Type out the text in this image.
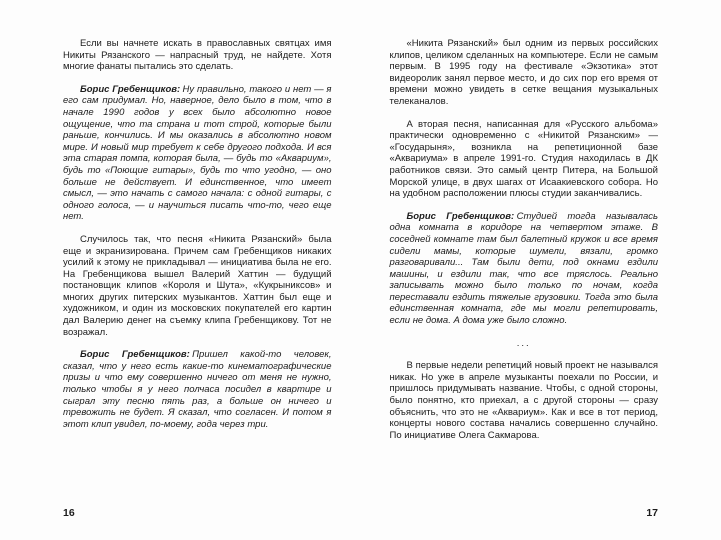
Если вы начнете искать в православных святцах имя Никиты Рязанского — напрасный труд, не найдете. Хотя многие фанаты пытались это сделать.

Борис Гребенщиков: Ну правильно, такого и нет — я его сам придумал. Но, наверное, дело было в том, что в начале 1990 годов у всех было абсолютно новое ощущение, что та страна и тот строй, которые были раньше, кончились. И мы оказались в абсолютно новом мире. И новый мир требует к себе другого подхода. И вся эта старая помпа, которая была, — будь то «Аквариум», будь то «Поющие гитары», будь то что угодно, — оно больше не действует. И единственное, что имеет смысл, — это начать с самого начала: с одной гитары, с одного голоса, — и научиться писать что-то, чего еще нет.

Случилось так, что песня «Никита Рязанский» была еще и экранизирована. Причем сам Гребенщиков никаких усилий к этому не прикладывал — инициатива была не его. На Гребенщикова вышел Валерий Хаттин — будущий постановщик клипов «Короля и Шута», «Кукрыниксов» и многих других питерских музыкантов. Хаттин был еще и художником, и один из московских покупателей его картин дал Валерию денег на съемку клипа Гребенщикову. Тот не возражал.

Борис Гребенщиков: Пришел какой-то человек, сказал, что у него есть какие-то кинематографические призы и что ему совершенно ничего от меня не нужно, только чтобы я у него полчаса посидел в квартире и сыграл эту песню пять раз, а больше он ничего и тревожить не будет. Я сказал, что согласен. И потом я этот клип увидел, по-моему, года через три.

«Никита Рязанский» был одним из первых российских клипов, целиком сделанных на компьютере. Если не самым первым. В 1995 году на фестивале «Экзотика» этот видеоролик занял первое место, и до сих пор его время от времени можно увидеть в сетке вещания музыкальных телеканалов.

А вторая песня, написанная для «Русского альбома» практически одновременно с «Никитой Рязанским» — «Государыня», возникла на репетиционной базе «Аквариума» в апреле 1991-го. Студия находилась в ДК работников связи. Это самый центр Питера, на Большой Морской улице, в двух шагах от Исаакиевского собора. Но на удобном расположении плюсы студии заканчивались.

Борис Гребенщиков: Студией тогда называлась одна комната в коридоре на четвертом этаже. В соседней комнате там был балетный кружок и все время сидели мамы, которые шумели, вязали, громко разговаривали... Там были дети, под окнами ездили машины, и ездили так, что все тряслось. Реально записывать можно было только по ночам, когда переставали ездить тяжелые грузовики. Тогда это была единственная комната, где мы могли репетировать, если не дома. А дома уже было сложно.

...

В первые недели репетиций новый проект не назывался никак. Но уже в апреле музыканты поехали по России, и пришлось придумывать название. Чтобы, с одной стороны, было понятно, кто приехал, а с другой стороны — сразу объяснить, что это не «Аквариум». Как и все в тот период, концерты нового состава начались совершенно случайно. По инициативе Олега Сакмарова.

16	17
